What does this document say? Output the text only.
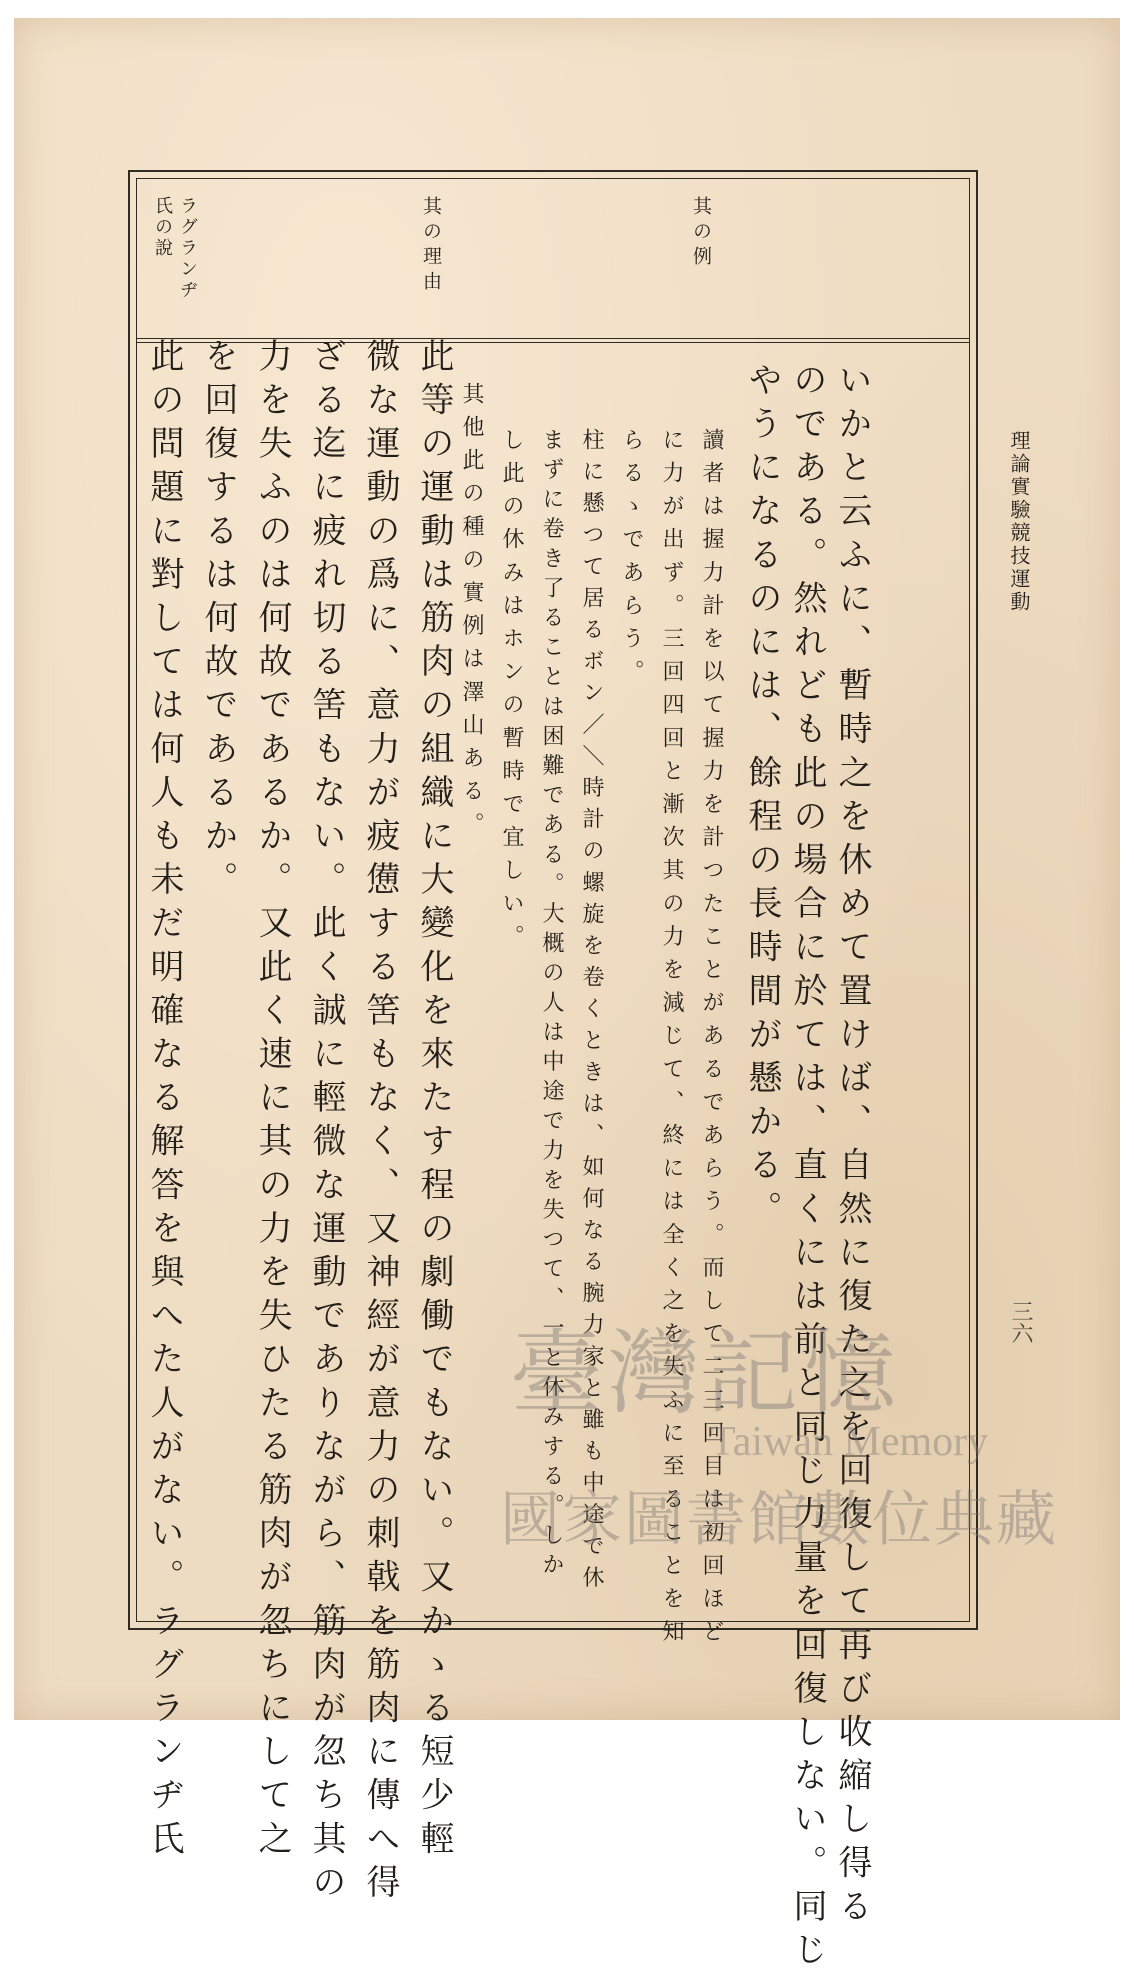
理論實驗競技運動
三六
其の例
其の理由
ラグランヂ氏の說
いかと云ふに、暫時之を休めて置けば、自然に復た之を回復して再び收縮し得る
のである。然れども此の場合に於ては、直くには前と同じ力量を回復しない。同じ
やうになるのには、餘程の長時間が懸かる。
讀者は握力計を以て握力を計つたことがあるであらう。而して二三回目は初回ほど
に力が出ず。三回四回と漸次其の力を減じて、終には全く之を失ふに至ることを知
らるゝであらう。
柱に懸つて居るボン／＼時計の螺旋を卷くときは、如何なる腕力家と雖も中途で休
まずに卷き了ることは困難である。大概の人は中途で力を失つて、一と休みする。しか
し此の休みはホンの暫時で宜しい。
其他此の種の實例は澤山ある。
此等の運動は筋肉の組織に大變化を來たす程の劇働でもない。又かゝる短少輕
微な運動の爲に、意力が疲憊する筈もなく、又神經が意力の刺戟を筋肉に傳へ得
ざる迄に疲れ切る筈もない。此く誠に輕微な運動でありながら、筋肉が忽ち其の
力を失ふのは何故であるか。又此く速に其の力を失ひたる筋肉が忽ちにして之
を回復するは何故であるか。
此の問題に對しては何人も未だ明確なる解答を與へた人がない。ラグランヂ氏	臺灣記憶
Taiwan Memory
國家圖書館數位典藏
